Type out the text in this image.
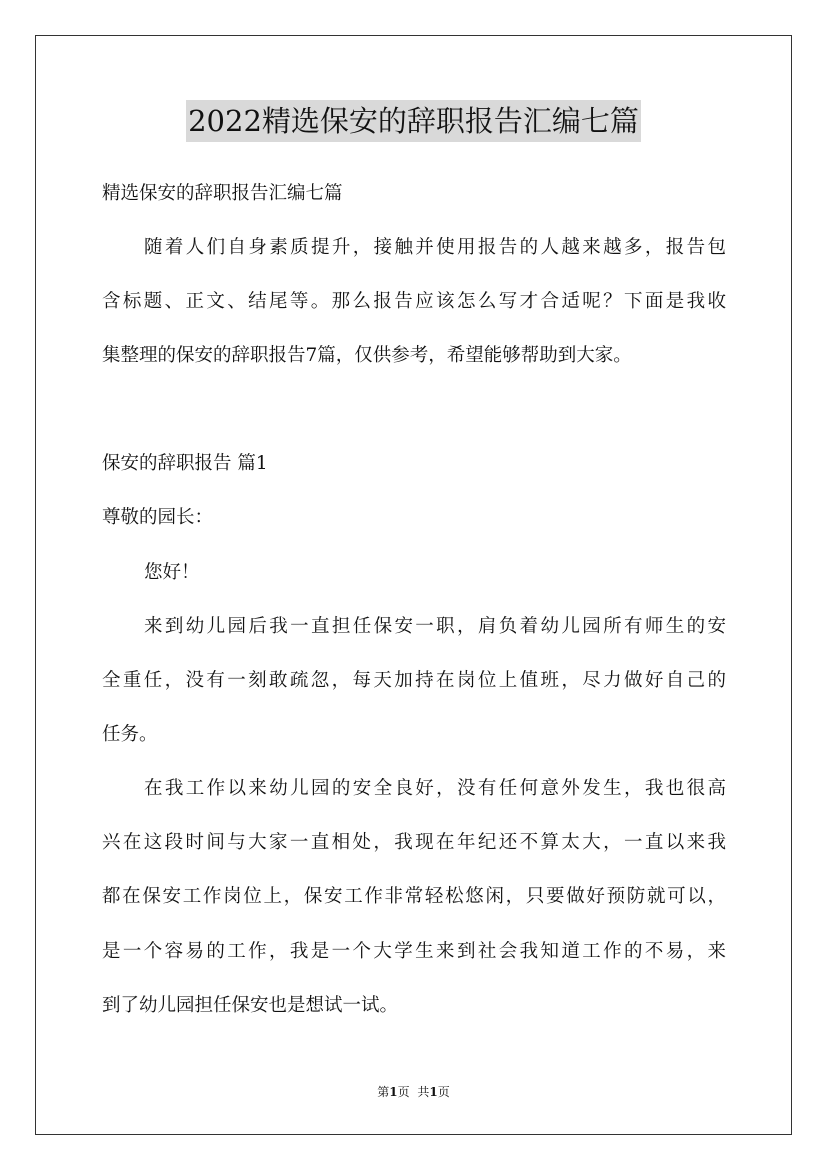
2022精选保安的辞职报告汇编七篇
精选保安的辞职报告汇编七篇
随着人们自身素质提升，接触并使用报告的人越来越多，报告包
含标题、正文、结尾等。那么报告应该怎么写才合适呢？下面是我收
集整理的保安的辞职报告7篇，仅供参考，希望能够帮助到大家。
保安的辞职报告 篇1
尊敬的园长：
您好！
来到幼儿园后我一直担任保安一职，肩负着幼儿园所有师生的安
全重任，没有一刻敢疏忽，每天加持在岗位上值班，尽力做好自己的
任务。
在我工作以来幼儿园的安全良好，没有任何意外发生，我也很高
兴在这段时间与大家一直相处，我现在年纪还不算太大，一直以来我
都在保安工作岗位上，保安工作非常轻松悠闲，只要做好预防就可以，
是一个容易的工作，我是一个大学生来到社会我知道工作的不易，来
到了幼儿园担任保安也是想试一试。
第1页 共1页
